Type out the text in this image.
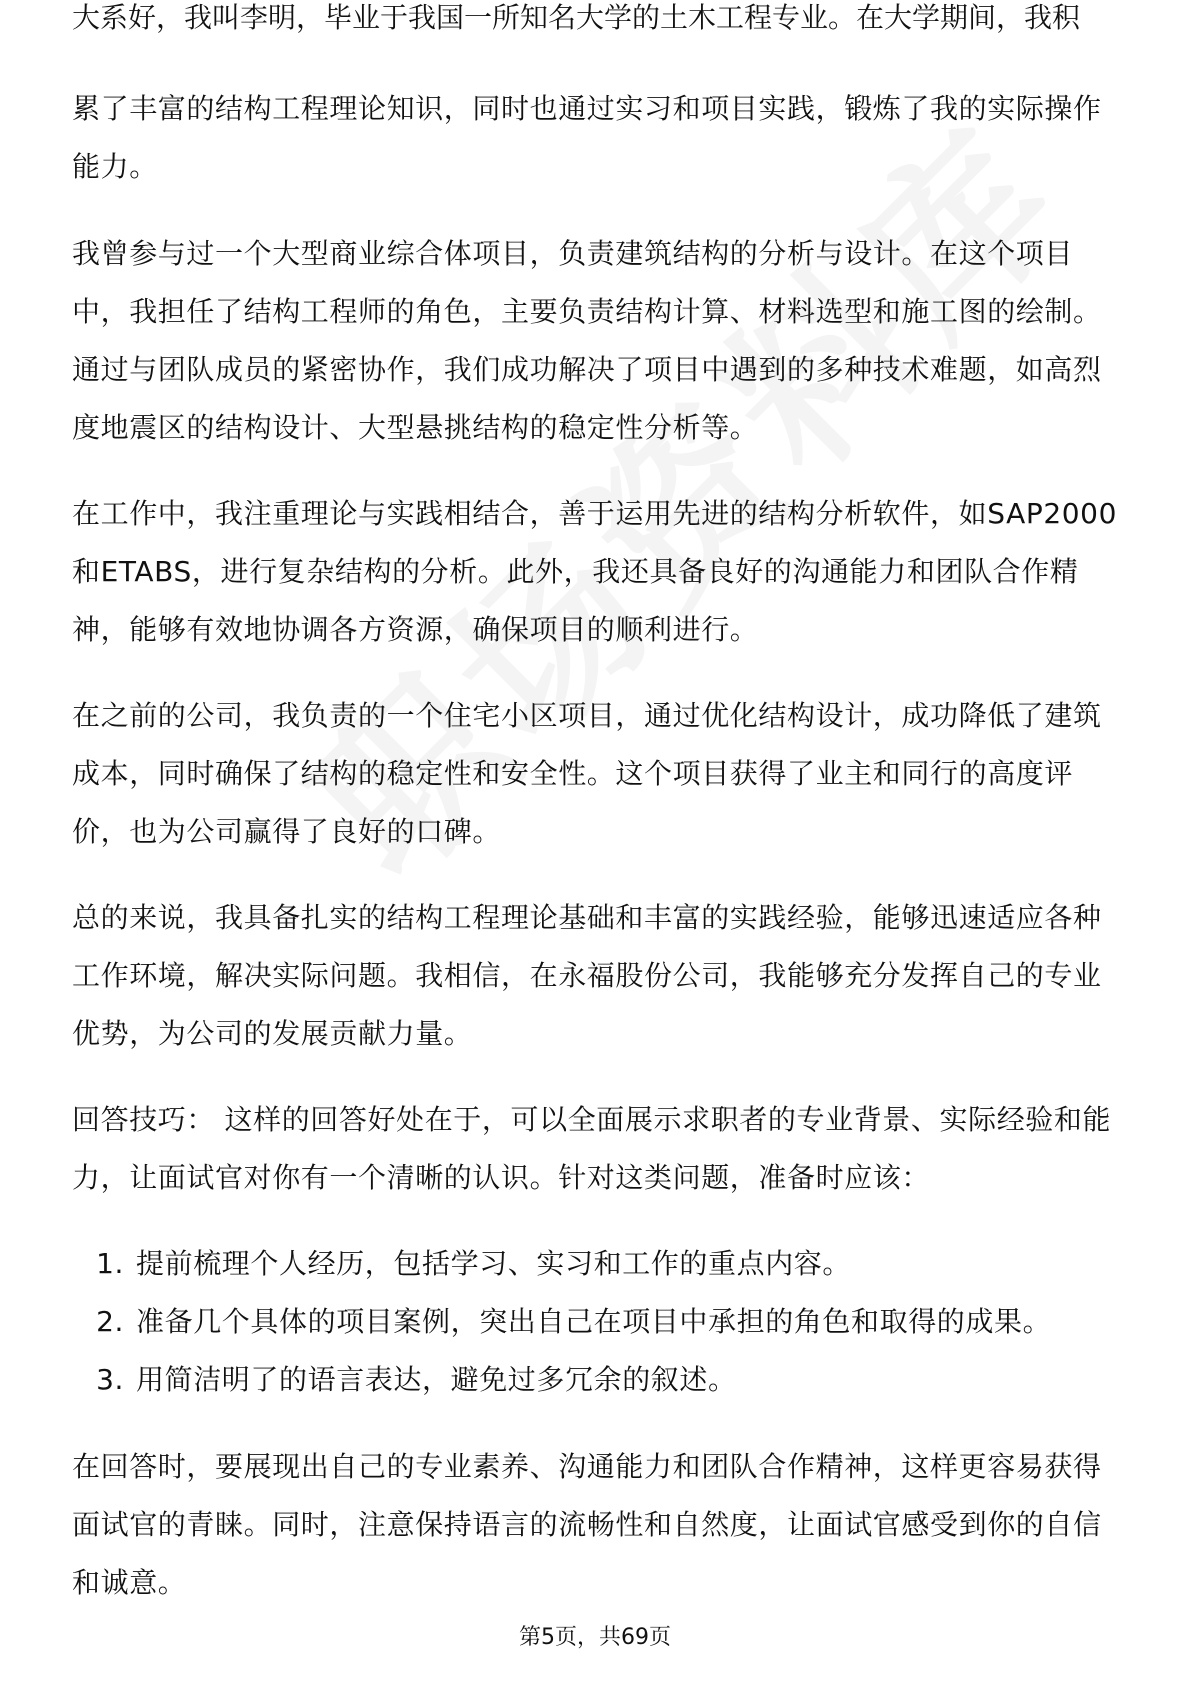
大系好，我叫李明，毕业于我国一所知名大学的土木工程专业。在大学期间，我积

累了丰富的结构工程理论知识，同时也通过实习和项目实践，锻炼了我的实际操作能力。

我曾参与过一个大型商业综合体项目，负责建筑结构的分析与设计。在这个项目中，我担任了结构工程师的角色，主要负责结构计算、材料选型和施工图的绘制。通过与团队成员的紧密协作，我们成功解决了项目中遇到的多种技术难题，如高烈度地震区的结构设计、大型悬挑结构的稳定性分析等。

在工作中，我注重理论与实践相结合，善于运用先进的结构分析软件，如SAP2000和ETABS，进行复杂结构的分析。此外，我还具备良好的沟通能力和团队合作精神，能够有效地协调各方资源，确保项目的顺利进行。

在之前的公司，我负责的一个住宅小区项目，通过优化结构设计，成功降低了建筑成本，同时确保了结构的稳定性和安全性。这个项目获得了业主和同行的高度评价，也为公司赢得了良好的口碑。

总的来说，我具备扎实的结构工程理论基础和丰富的实践经验，能够迅速适应各种工作环境，解决实际问题。我相信，在永福股份公司，我能够充分发挥自己的专业优势，为公司的发展贡献力量。

回答技巧： 这样的回答好处在于，可以全面展示求职者的专业背景、实际经验和能力，让面试官对你有一个清晰的认识。针对这类问题，准备时应该：

1. 提前梳理个人经历，包括学习、实习和工作的重点内容。
2. 准备几个具体的项目案例，突出自己在项目中承担的角色和取得的成果。
3. 用简洁明了的语言表达，避免过多冗余的叙述。

在回答时，要展现出自己的专业素养、沟通能力和团队合作精神，这样更容易获得面试官的青睐。同时，注意保持语言的流畅性和自然度，让面试官感受到你的自信和诚意。

第5页，共69页
